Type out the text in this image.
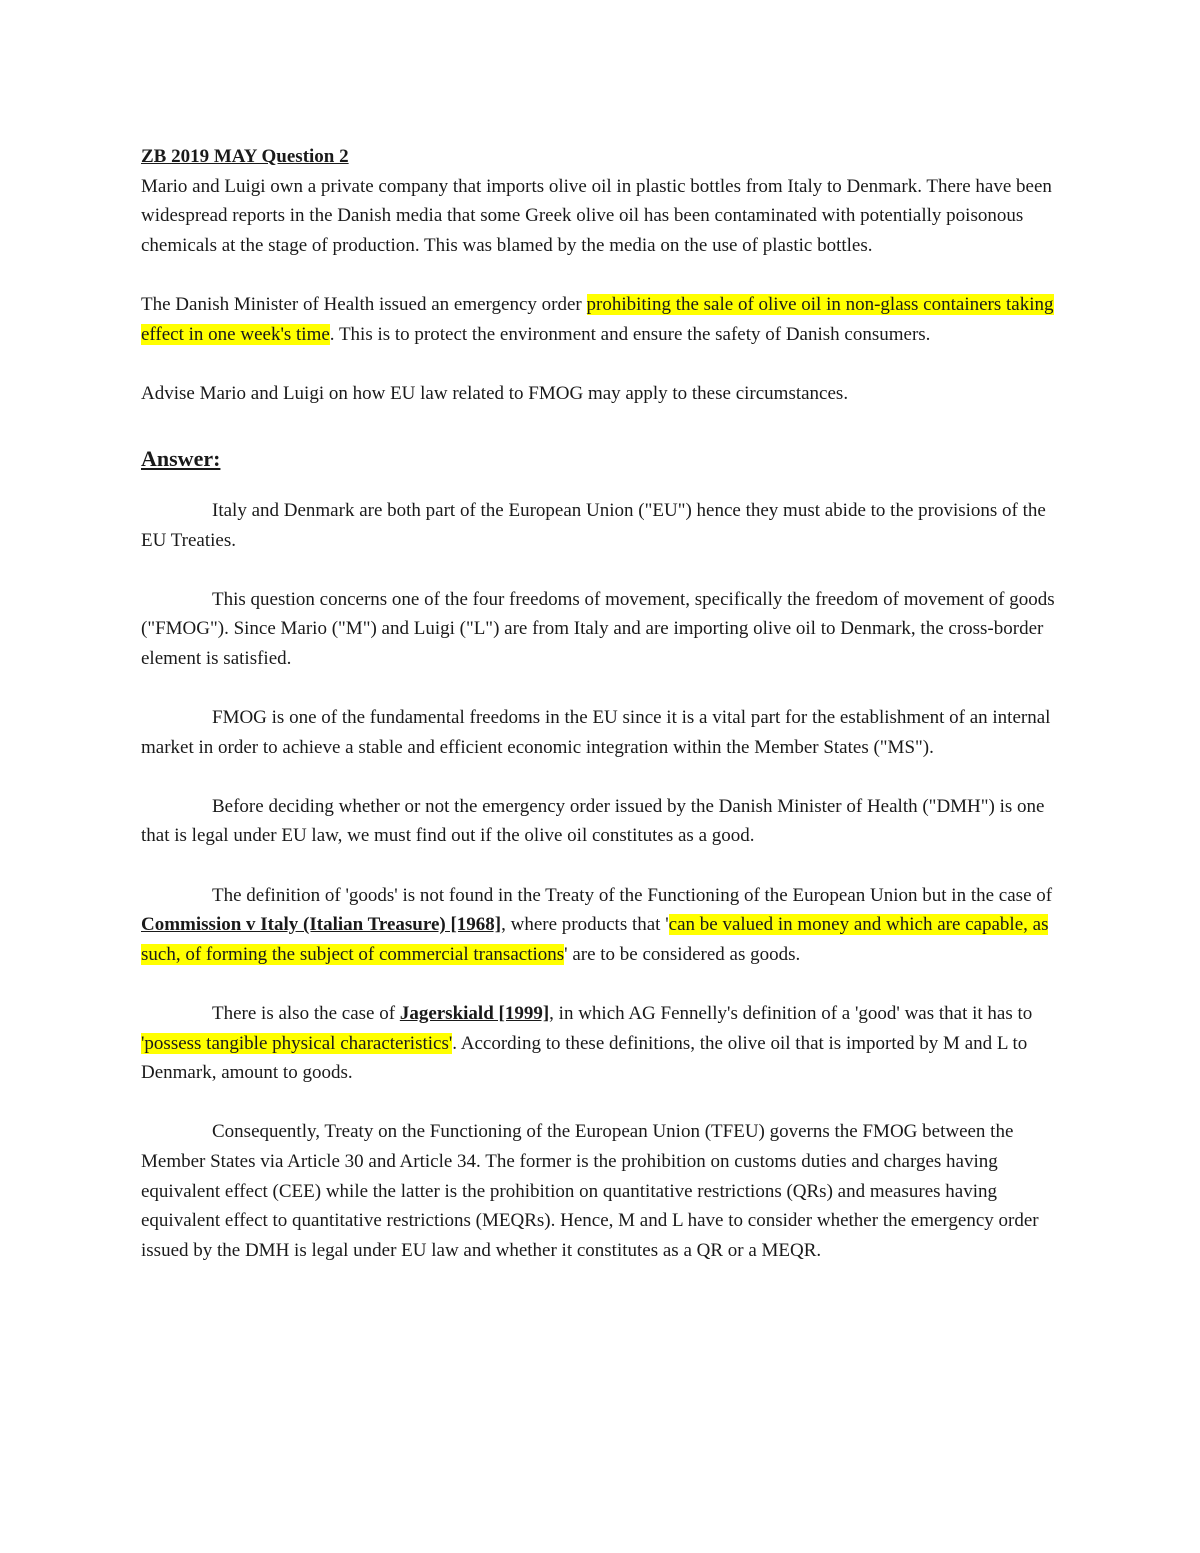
ZB 2019 MAY Question 2

Mario and Luigi own a private company that imports olive oil in plastic bottles from Italy to Denmark. There have been widespread reports in the Danish media that some Greek olive oil has been contaminated with potentially poisonous chemicals at the stage of production. This was blamed by the media on the use of plastic bottles.

The Danish Minister of Health issued an emergency order prohibiting the sale of olive oil in non-glass containers taking effect in one week's time. This is to protect the environment and ensure the safety of Danish consumers.

Advise Mario and Luigi on how EU law related to FMOG may apply to these circumstances.

Answer:

Italy and Denmark are both part of the European Union ("EU") hence they must abide to the provisions of the EU Treaties.

This question concerns one of the four freedoms of movement, specifically the freedom of movement of goods ("FMOG"). Since Mario ("M") and Luigi ("L") are from Italy and are importing olive oil to Denmark, the cross-border element is satisfied.

FMOG is one of the fundamental freedoms in the EU since it is a vital part for the establishment of an internal market in order to achieve a stable and efficient economic integration within the Member States ("MS").

Before deciding whether or not the emergency order issued by the Danish Minister of Health ("DMH") is one that is legal under EU law, we must find out if the olive oil constitutes as a good.

The definition of 'goods' is not found in the Treaty of the Functioning of the European Union but in the case of Commission v Italy (Italian Treasure) [1968], where products that 'can be valued in money and which are capable, as such, of forming the subject of commercial transactions' are to be considered as goods.

There is also the case of Jagerskiald [1999], in which AG Fennelly's definition of a 'good' was that it has to 'possess tangible physical characteristics'. According to these definitions, the olive oil that is imported by M and L to Denmark, amount to goods.

Consequently, Treaty on the Functioning of the European Union (TFEU) governs the FMOG between the Member States via Article 30 and Article 34. The former is the prohibition on customs duties and charges having equivalent effect (CEE) while the latter is the prohibition on quantitative restrictions (QRs) and measures having equivalent effect to quantitative restrictions (MEQRs). Hence, M and L have to consider whether the emergency order issued by the DMH is legal under EU law and whether it constitutes as a QR or a MEQR.
